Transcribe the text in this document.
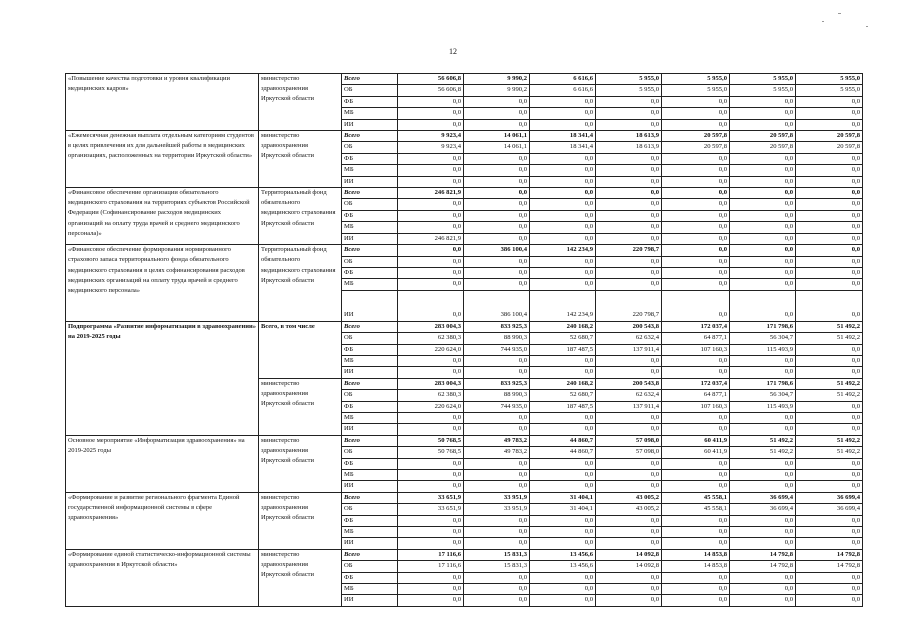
12
«Повышение качества подготовки и уровня квалификации медицинских кадров»	министерство здравоохранения Иркутской области	Всего	56 606,8	9 990,2	6 616,6	5 955,0	5 955,0	5 955,0	5 955,0
		ОБ	56 606,8	9 990,2	6 616,6	5 955,0	5 955,0	5 955,0	5 955,0
		ФБ	0,0	0,0	0,0	0,0	0,0	0,0	0,0
		МБ	0,0	0,0	0,0	0,0	0,0	0,0	0,0
		ИИ	0,0	0,0	0,0	0,0	0,0	0,0	0,0
«Ежемесячная денежная выплата отдельным категориям студентов в целях привлечения их для дальнейшей работы в медицинских организациях, расположенных на территории Иркутской области»	министерство здравоохранения Иркутской области	Всего	9 923,4	14 061,1	18 341,4	18 613,9	20 597,8	20 597,8	20 597,8
		ОБ	9 923,4	14 061,1	18 341,4	18 613,9	20 597,8	20 597,8	20 597,8
		ФБ	0,0	0,0	0,0	0,0	0,0	0,0	0,0
		МБ	0,0	0,0	0,0	0,0	0,0	0,0	0,0
		ИИ	0,0	0,0	0,0	0,0	0,0	0,0	0,0
«Финансовое обеспечение организации обязательного медицинского страхования на территориях субъектов Российской Федерации (Софинансирование расходов медицинских организаций на оплату труда врачей и среднего медицинского персонала)»	Территориальный фонд обязательного медицинского страхования Иркутской области	Всего	246 821,9	0,0	0,0	0,0	0,0	0,0	0,0
		ОБ	0,0	0,0	0,0	0,0	0,0	0,0	0,0
		ФБ	0,0	0,0	0,0	0,0	0,0	0,0	0,0
		МБ	0,0	0,0	0,0	0,0	0,0	0,0	0,0
		ИИ	246 821,9	0,0	0,0	0,0	0,0	0,0	0,0
«Финансовое обеспечение формирования нормированного страхового запаса территориального фонда обязательного медицинского страхования в целях софинансирования расходов медицинских организаций на оплату труда врачей и среднего медицинского персонала»	Территориальный фонд обязательного медицинского страхования Иркутской области	Всего	0,0	386 100,4	142 234,9	220 798,7	0,0	0,0	0,0
		ОБ	0,0	0,0	0,0	0,0	0,0	0,0	0,0
		ФБ	0,0	0,0	0,0	0,0	0,0	0,0	0,0
		МБ	0,0	0,0	0,0	0,0	0,0	0,0	0,0
		ИИ	0,0	386 100,4	142 234,9	220 798,7	0,0	0,0	0,0
Подпрограмма «Развитие информатизации в здравоохранении» на 2019-2025 годы	Всего, в том числе	Всего	283 004,3	833 925,3	240 168,2	200 543,8	172 037,4	171 798,6	51 492,2
		ОБ	62 380,3	88 990,3	52 680,7	62 632,4	64 877,1	56 304,7	51 492,2
		ФБ	220 624,0	744 935,0	187 487,5	137 911,4	107 160,3	115 493,9	0,0
		МБ	0,0	0,0	0,0	0,0	0,0	0,0	0,0
		ИИ	0,0	0,0	0,0	0,0	0,0	0,0	0,0
	министерство здравоохранения Иркутской области	Всего	283 004,3	833 925,3	240 168,2	200 543,8	172 037,4	171 798,6	51 492,2
		ОБ	62 380,3	88 990,3	52 680,7	62 632,4	64 877,1	56 304,7	51 492,2
		ФБ	220 624,0	744 935,0	187 487,5	137 911,4	107 160,3	115 493,9	0,0
		МБ	0,0	0,0	0,0	0,0	0,0	0,0	0,0
		ИИ	0,0	0,0	0,0	0,0	0,0	0,0	0,0
Основное мероприятие «Информатизация здравоохранения» на 2019-2025 годы	министерство здравоохранения Иркутской области	Всего	50 768,5	49 783,2	44 860,7	57 098,0	60 411,9	51 492,2	51 492,2
		ОБ	50 768,5	49 783,2	44 860,7	57 098,0	60 411,9	51 492,2	51 492,2
		ФБ	0,0	0,0	0,0	0,0	0,0	0,0	0,0
		МБ	0,0	0,0	0,0	0,0	0,0	0,0	0,0
		ИИ	0,0	0,0	0,0	0,0	0,0	0,0	0,0
«Формирование и развитие регионального фрагмента Единой государственной информационной системы в сфере здравоохранения»	министерство здравоохранения Иркутской области	Всего	33 651,9	33 951,9	31 404,1	43 005,2	45 558,1	36 699,4	36 699,4
		ОБ	33 651,9	33 951,9	31 404,1	43 005,2	45 558,1	36 699,4	36 699,4
		ФБ	0,0	0,0	0,0	0,0	0,0	0,0	0,0
		МБ	0,0	0,0	0,0	0,0	0,0	0,0	0,0
		ИИ	0,0	0,0	0,0	0,0	0,0	0,0	0,0
«Формирование единой статистическо-информационной системы здравоохранения в Иркутской области»	министерство здравоохранения Иркутской области	Всего	17 116,6	15 831,3	13 456,6	14 092,8	14 853,8	14 792,8	14 792,8
		ОБ	17 116,6	15 831,3	13 456,6	14 092,8	14 853,8	14 792,8	14 792,8
		ФБ	0,0	0,0	0,0	0,0	0,0	0,0	0,0
		МБ	0,0	0,0	0,0	0,0	0,0	0,0	0,0
		ИИ	0,0	0,0	0,0	0,0	0,0	0,0	0,0
